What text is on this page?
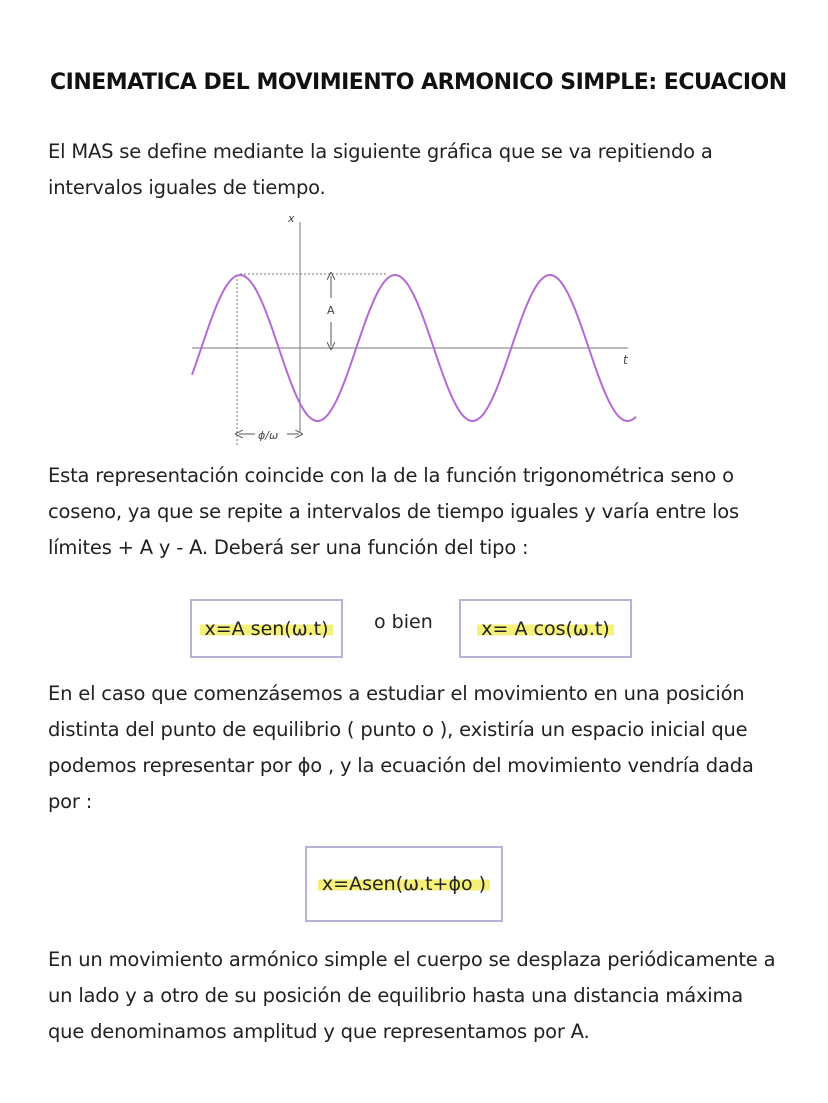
CINEMATICA DEL MOVIMIENTO ARMONICO SIMPLE: ECUACION
El MAS se define mediante la siguiente gráfica que se va repitiendo a
intervalos iguales de tiempo.
x
t
A
ϕ/ω
Esta representación coincide con la de la función trigonométrica seno o
coseno, ya que se repite a intervalos de tiempo iguales y varía entre los
límites + A y - A. Deberá ser una función del tipo :
x=A sen(ω.t) o bien	x= A cos(ω.t)
En el caso que comenzásemos a estudiar el movimiento en una posición
distinta del punto de equilibrio ( punto o ), existiría un espacio inicial que
podemos representar por ϕo , y la ecuación del movimiento vendría dada
por :
x=Asen(ω.t+ϕo )
En un movimiento armónico simple el cuerpo se desplaza periódicamente a
un lado y a otro de su posición de equilibrio hasta una distancia máxima
que denominamos amplitud y que representamos por A.
